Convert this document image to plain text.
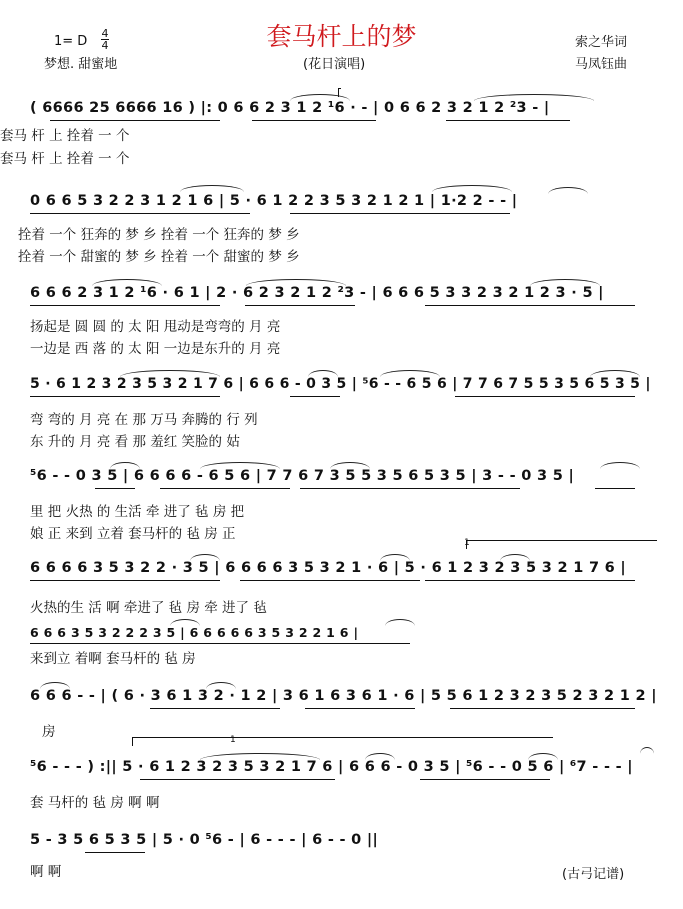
套马杆上的梦
1= D
4
4
梦想. 甜蜜地	(花日演唱)
索之华词
马凤钰曲
( 6666 25 6666 16 ) |: 0 6 6 2 3 1 2 ¹6 · - | 0 6 6 2 3 2 1 2 ²3 - |
套马 杆 上 拴着 一 个
套马 杆 上 拴着 一 个
0 6 6 5 3 2 2 3 1 2 1 6 | 5 · 6 1 2 2 3 5 3 2 1 2 1 | 1·2 2 - - |
拴着 一个 狂奔的 梦 乡 拴着 一个 狂奔的 梦 乡
拴着 一个 甜蜜的 梦 乡 拴着 一个 甜蜜的 梦 乡
6 6 6 2 3 1 2 ¹6 · 6 1 | 2 · 6 2 3 2 1 2 ²3 - | 6 6 6 5 3 3 2 3 2 1 2 3 · 5 |
扬起是 圆 圆 的 太 阳 甩动是弯弯的 月 亮
一边是 西 落 的 太 阳 一边是东升的 月 亮
5 · 6 1 2 3 2 3 5 3 2 1 7 6 | 6 6 6 - 0 3 5 | ⁵6 - - 6 5 6 | 7 7 6 7 5 5 3 5 6 5 3 5 |
弯 弯的 月 亮 在 那 万马 奔腾的 行 列
东 升的 月 亮 看 那 羞红 笑脸的 姑
⁵6 - - 0 3 5 | 6 6 6 6 - 6 5 6 | 7 7 6 7 3 5 5 3 5 6 5 3 5 | 3 - - 0 3 5 |
里 把 火热 的 生活 牵 进了 毡 房 把
娘 正 来到 立着 套马杆的 毡 房 正
1
6 6 6 6 3 5 3 2 2 · 3 5 | 6 6 6 6 3 5 3 2 1 · 6 | 5 · 6 1 2 3 2 3 5 3 2 1 7 6 |
火热的生 活 啊 牵进了 毡 房 牵 进了 毡
6 6 6 3 5 3 2 2 2 3 5 | 6 6 6 6 6 3 5 3 2 2 1 6 |
来到立 着啊 套马杆的 毡 房
6 6 6 - - | ( 6 · 3 6 1 3 2 · 1 2 | 3 6 1 6 3 6 1 · 6 | 5 5 6 1 2 3 2 3 5 2 3 2 1 2 |
房	1
⁵6 - - - ) :|| 5 · 6 1 2 3 2 3 5 3 2 1 7 6 | 6 6 6 - 0 3 5 | ⁵6 - - 0 5 6 | ⁶7 - - - |
套 马杆的 毡 房 啊 啊
5 - 3 5 6 5 3 5 | 5 · 0 ⁵6 - | 6 - - - | 6 - - 0 ||
啊 啊	(古弓记谱)
